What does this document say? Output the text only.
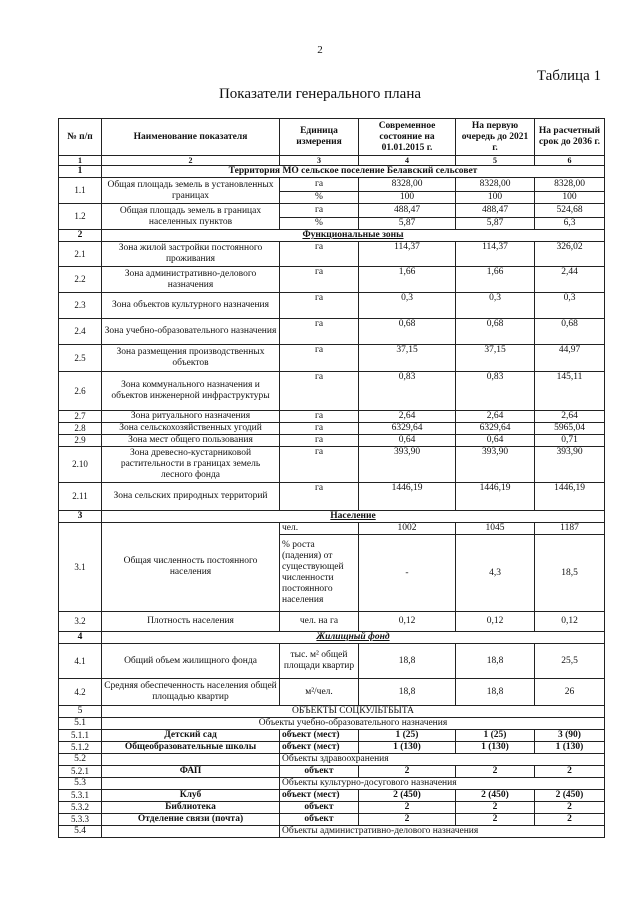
2
Таблица 1
Показатели генерального плана
№ п/п	Наименование показателя	Единица измерения	Современное состояние на 01.01.2015 г.	На первую очередь до 2021 г.	На расчетный срок до 2036 г.
1	2	3	4	5	6
1	Территория МО сельское поселение Белавский сельсовет				
1.1	Общая площадь земель в установленных границах	га	8328,00	8328,00	8328,00
		%	100	100	100
1.2	Общая площадь земель в границах населенных пунктов	га	488,47	488,47	524,68
		%	5,87	5,87	6,3
2	Функциональные зоны				
2.1	Зона жилой застройки постоянного проживания	га	114,37	114,37	326,02
2.2	Зона административно-делового назначения	га	1,66	1,66	2,44
2.3	Зона объектов культурного назначения	га	0,3	0,3	0,3
2.4	Зона учебно-образовательного назначения	га	0,68	0,68	0,68
2.5	Зона размещения производственных объектов	га	37,15	37,15	44,97
2.6	Зона коммунального назначения и объектов инженерной инфраструктуры	га	0,83	0,83	145,11
2.7	Зона ритуального назначения	га	2,64	2,64	2,64
2.8	Зона сельскохозяйственных угодий	га	6329,64	6329,64	5965,04
2.9	Зона мест общего пользования	га	0,64	0,64	0,71
2.10	Зона древесно-кустарниковой растительности в границах земель лесного фонда	га	393,90	393,90	393,90
2.11	Зона сельских природных территорий	га	1446,19	1446,19	1446,19
3	Население				
3.1	Общая численность постоянного населения	чел.	1002	1045	1187
		% роста (падения) от существующей численности постоянного населения	-	4,3	18,5
3.2	Плотность населения	чел. на га	0,12	0,12	0,12
4	Жилищный фонд				
4.1	Общий объем жилищного фонда	тыс. м² общей площади квартир	18,8	18,8	25,5
4.2	Средняя обеспеченность населения общей площадью квартир	м²/чел.	18,8	18,8	26
5	ОБЪЕКТЫ СОЦКУЛЬТБЫТА				
5.1	Объекты учебно-образовательного назначения				
5.1.1	Детский сад	объект (мест)	1 (25)	1 (25)	3 (90)
5.1.2	Общеобразовательные школы	объект (мест)	1 (130)	1 (130)	1 (130)
5.2		Объекты здравоохранения			
5.2.1	ФАП	объект	2	2	2
5.3		Объекты культурно-досугового назначения			
5.3.1	Клуб	объект (мест)	2 (450)	2 (450)	2 (450)
5.3.2	Библиотека	объект	2	2	2
5.3.3	Отделение связи (почта)	объект	2	2	2
5.4		Объекты административно-делового назначения			
